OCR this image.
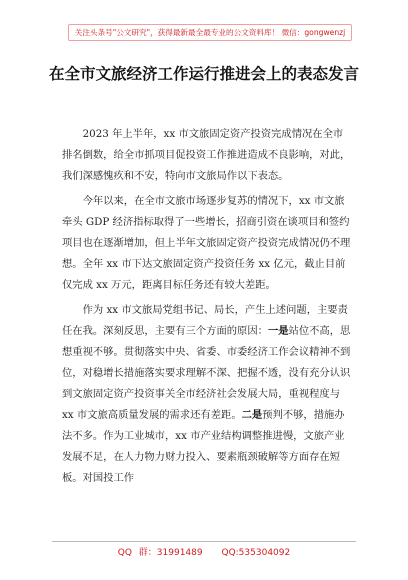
关注头条号"公文研究"，获得最新最全最专业的公文资料库！ 微信：gongwenzj
在全市文旅经济工作运行推进会上的表态发言

2023 年上半年，xx 市文旅固定资产投资完成情况在全市排名倒数，给全市抓项目促投资工作推进造成不良影响，对此，我们深感愧疚和不安，特向市文旅局作以下表态。

今年以来，在全市文旅市场逐步复苏的情况下，xx 市文旅牵头 GDP 经济指标取得了一些增长，招商引资在谈项目和签约项目也在逐渐增加，但上半年文旅固定资产投资完成情况仍不理想。全年 xx 市下达文旅固定资产投资任务 xx 亿元，截止目前仅完成 xx 万元，距离目标任务还有较大差距。

作为 xx 市文旅局党组书记、局长，产生上述问题，主要责任在我。深刻反思，主要有三个方面的原因：一是站位不高，思想重视不够。贯彻落实中央、省委、市委经济工作会议精神不到位，对稳增长措施落实要求理解不深、把握不透，没有充分认识到文旅固定资产投资事关全市经济社会发展大局，重视程度与 xx 市文旅高质量发展的需求还有差距。二是预判不够，措施办法不多。作为工业城市，xx 市产业结构调整推进慢，文旅产业发展不足，在人力物力财力投入、要素瓶颈破解等方面存在短板。对国投工作

QQ 群：31991489 QQ:535304092
